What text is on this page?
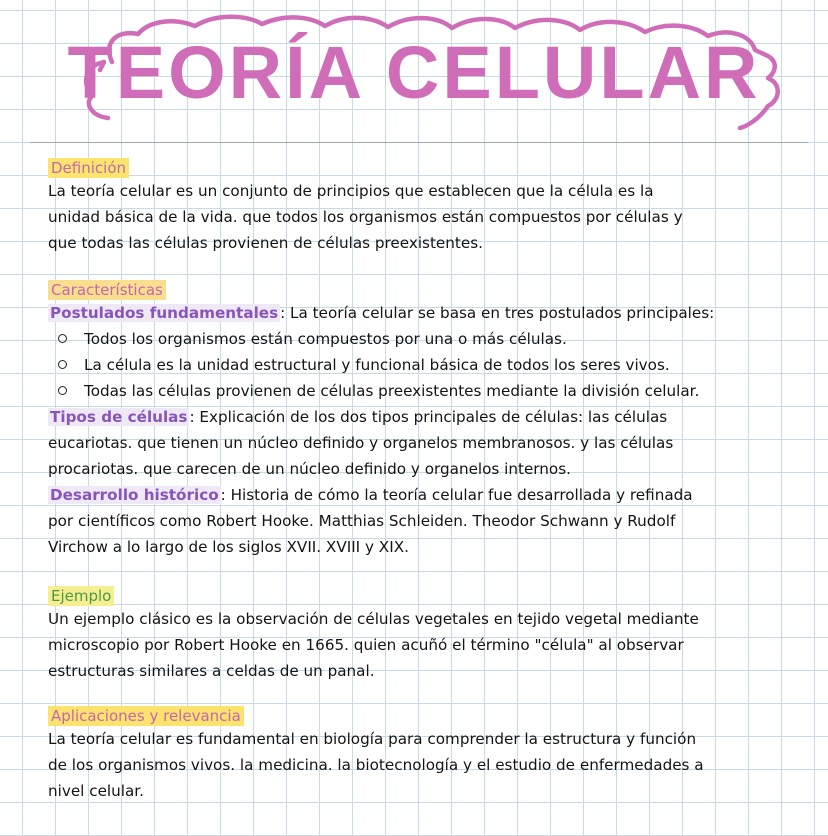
TEORÍA CELULAR
Definición

La teoría celular es un conjunto de principios que establecen que la célula es la

unidad básica de la vida. que todos los organismos están compuestos por células y

que todas las células provienen de células preexistentes.

Características

Postulados fundamentales : La teoría celular se basa en tres postulados principales:

Todos los organismos están compuestos por una o más células.
La célula es la unidad estructural y funcional básica de todos los seres vivos.
Todas las células provienen de células preexistentes mediante la división celular.

Tipos de células : Explicación de los dos tipos principales de células: las células

eucariotas. que tienen un núcleo definido y organelos membranosos. y las células

procariotas. que carecen de un núcleo definido y organelos internos.

Desarrollo histórico : Historia de cómo la teoría celular fue desarrollada y refinada

por científicos como Robert Hooke. Matthias Schleiden. Theodor Schwann y Rudolf

Virchow a lo largo de los siglos XVII. XVIII y XIX.

Ejemplo

Un ejemplo clásico es la observación de células vegetales en tejido vegetal mediante

microscopio por Robert Hooke en 1665. quien acuñó el término "célula" al observar

estructuras similares a celdas de un panal.

Aplicaciones y relevancia

La teoría celular es fundamental en biología para comprender la estructura y función

de los organismos vivos. la medicina. la biotecnología y el estudio de enfermedades a

nivel celular.
